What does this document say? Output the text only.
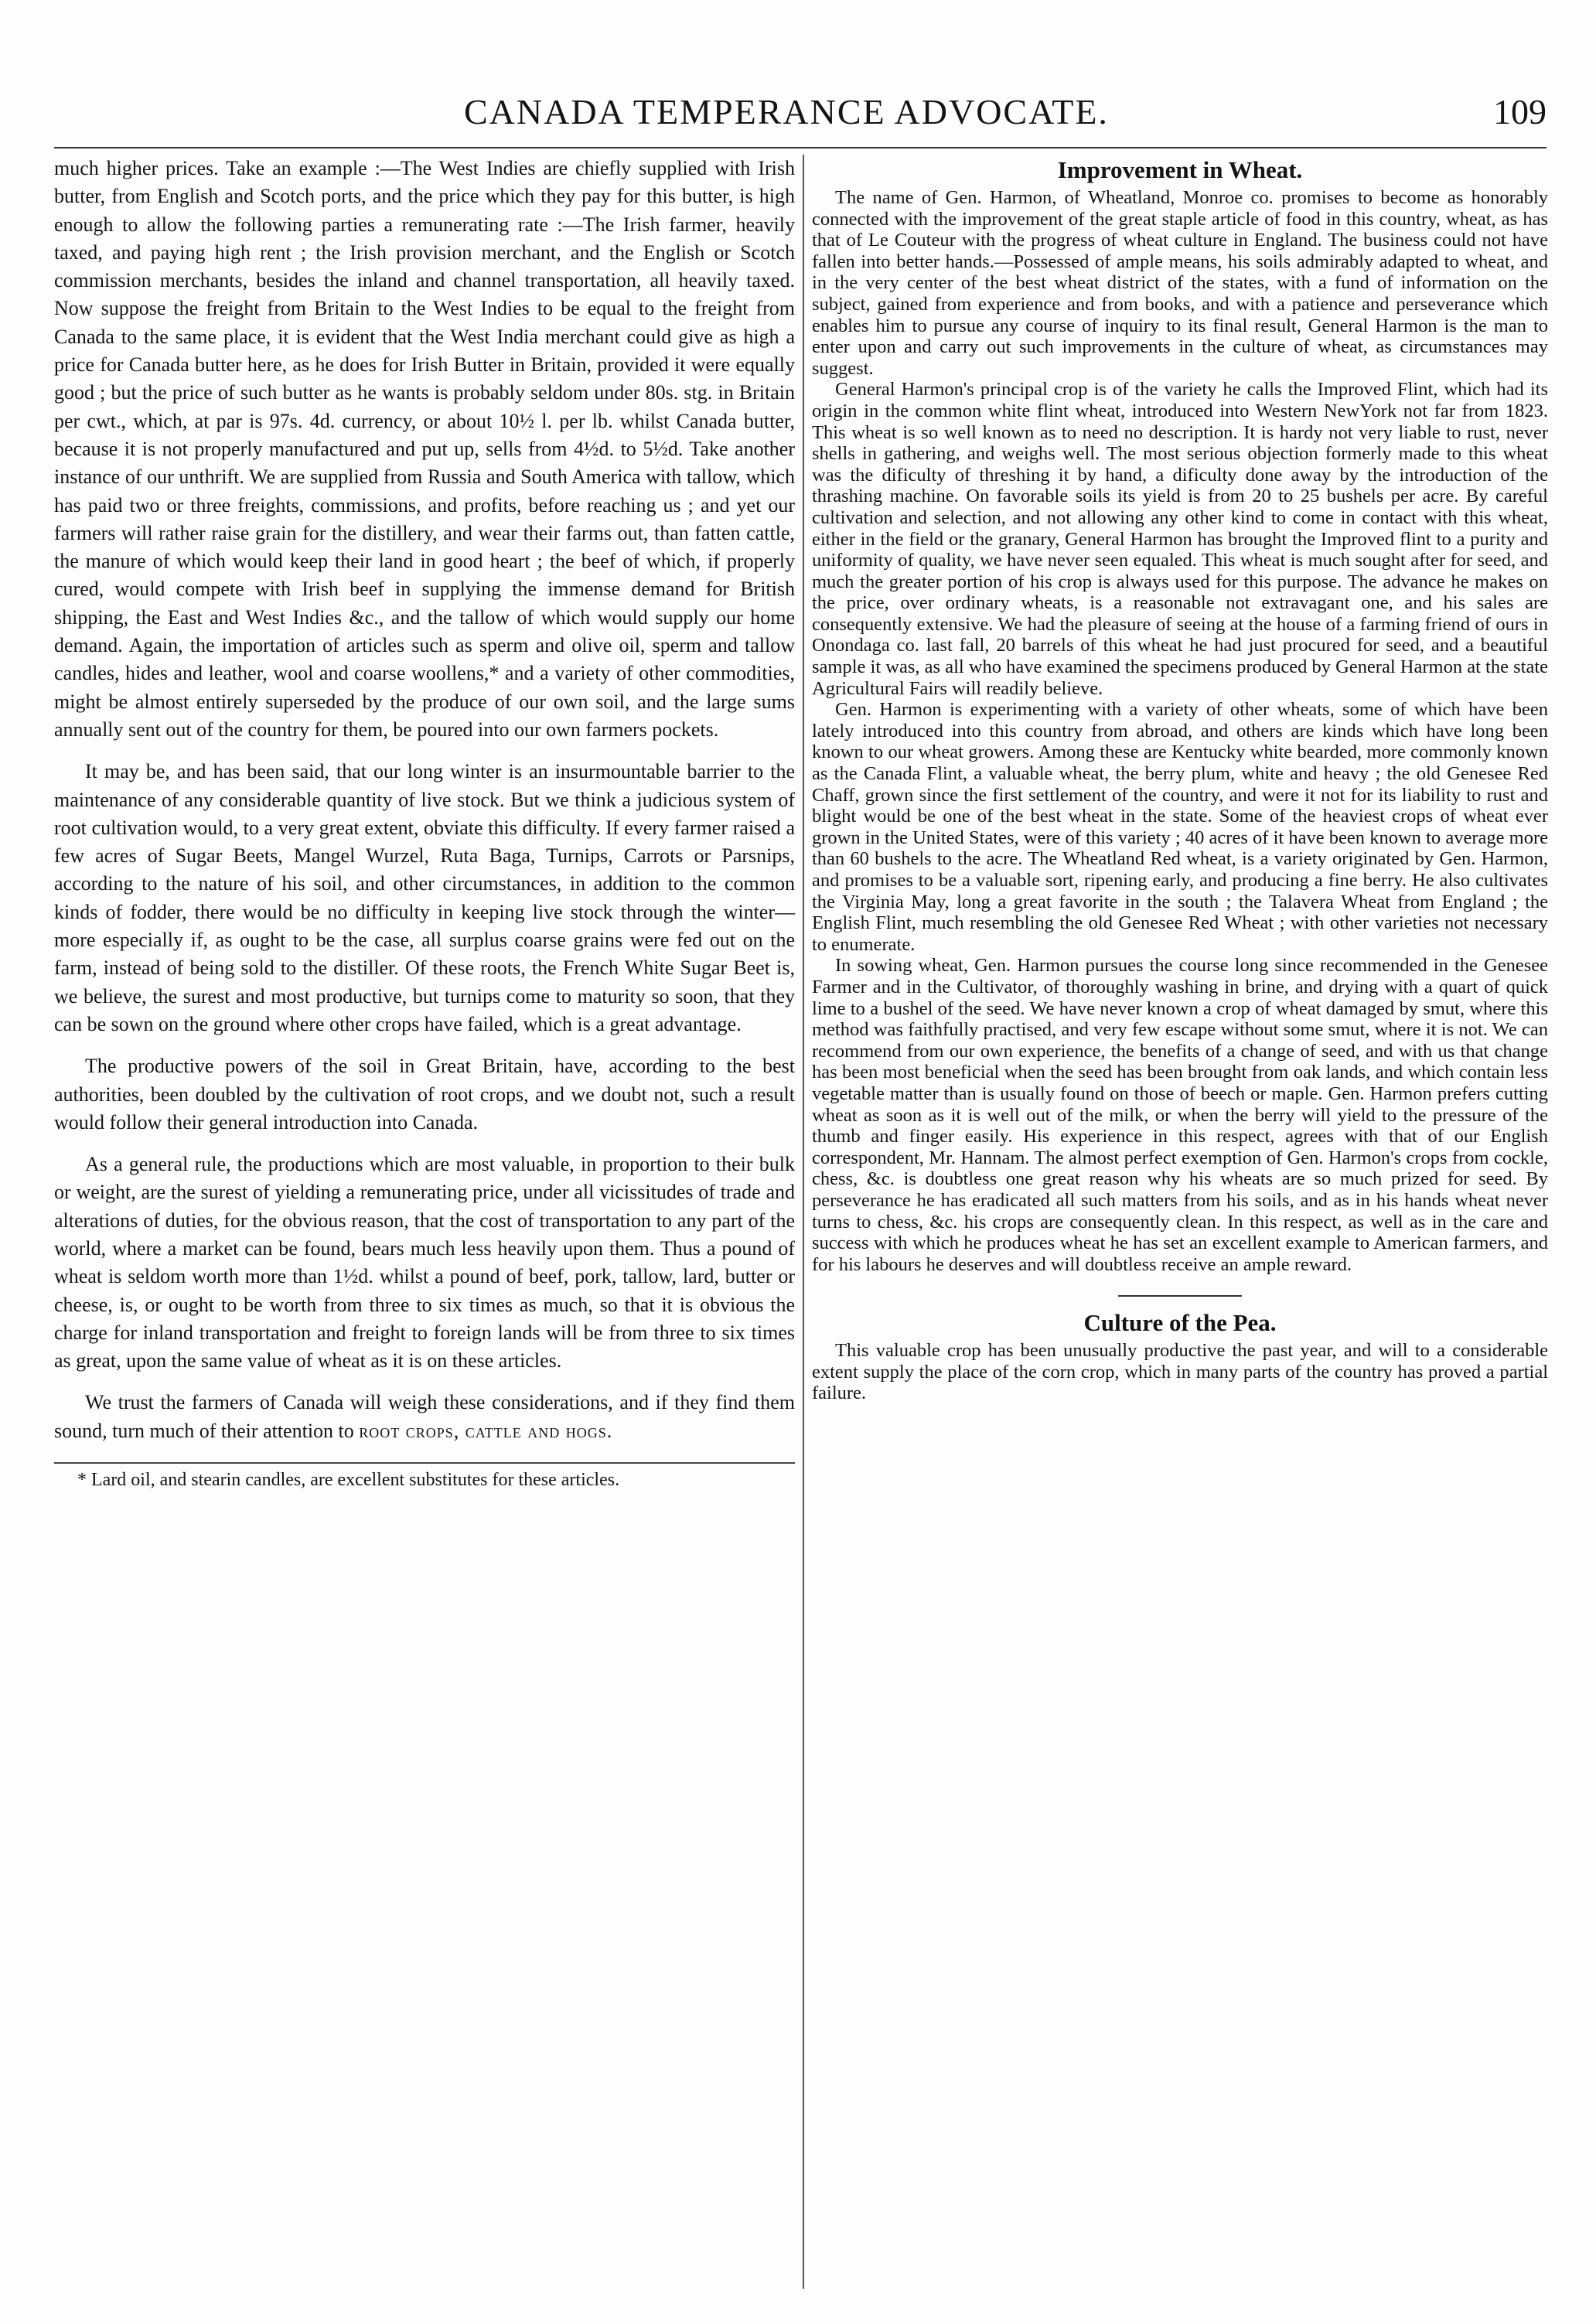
CANADA TEMPERANCE ADVOCATE.	109

much higher prices. Take an example :—The West Indies are chiefly supplied with Irish butter, from English and Scotch ports, and the price which they pay for this butter, is high enough to allow the following parties a remunerating rate :—The Irish farmer, heavily taxed, and paying high rent ; the Irish provision merchant, and the English or Scotch commission merchants, besides the inland and channel transportation, all heavily taxed. Now suppose the freight from Britain to the West Indies to be equal to the freight from Canada to the same place, it is evident that the West India merchant could give as high a price for Canada butter here, as he does for Irish Butter in Britain, provided it were equally good ; but the price of such butter as he wants is probably seldom under 80s. stg. in Britain per cwt., which, at par is 97s. 4d. currency, or about 10½ l. per lb. whilst Canada butter, because it is not properly manufactured and put up, sells from 4½d. to 5½d. Take another instance of our unthrift. We are supplied from Russia and South America with tallow, which has paid two or three freights, commissions, and profits, before reaching us ; and yet our farmers will rather raise grain for the distillery, and wear their farms out, than fatten cattle, the manure of which would keep their land in good heart ; the beef of which, if properly cured, would compete with Irish beef in supplying the immense demand for British shipping, the East and West Indies &c., and the tallow of which would supply our home demand. Again, the importation of articles such as sperm and olive oil, sperm and tallow candles, hides and leather, wool and coarse woollens,* and a variety of other commodities, might be almost entirely superseded by the produce of our own soil, and the large sums annually sent out of the country for them, be poured into our own farmers pockets.

It may be, and has been said, that our long winter is an insurmountable barrier to the maintenance of any considerable quantity of live stock. But we think a judicious system of root cultivation would, to a very great extent, obviate this difficulty. If every farmer raised a few acres of Sugar Beets, Mangel Wurzel, Ruta Baga, Turnips, Carrots or Parsnips, according to the nature of his soil, and other circumstances, in addition to the common kinds of fodder, there would be no difficulty in keeping live stock through the winter—more especially if, as ought to be the case, all surplus coarse grains were fed out on the farm, instead of being sold to the distiller. Of these roots, the French White Sugar Beet is, we believe, the surest and most productive, but turnips come to maturity so soon, that they can be sown on the ground where other crops have failed, which is a great advantage.

The productive powers of the soil in Great Britain, have, according to the best authorities, been doubled by the cultivation of root crops, and we doubt not, such a result would follow their general introduction into Canada.

As a general rule, the productions which are most valuable, in proportion to their bulk or weight, are the surest of yielding a remunerating price, under all vicissitudes of trade and alterations of duties, for the obvious reason, that the cost of transportation to any part of the world, where a market can be found, bears much less heavily upon them. Thus a pound of wheat is seldom worth more than 1½d. whilst a pound of beef, pork, tallow, lard, butter or cheese, is, or ought to be worth from three to six times as much, so that it is obvious the charge for inland transportation and freight to foreign lands will be from three to six times as great, upon the same value of wheat as it is on these articles.

We trust the farmers of Canada will weigh these considerations, and if they find them sound, turn much of their attention to root crops, cattle and hogs.

* Lard oil, and stearin candles, are excellent substitutes for these articles.

Improvement in Wheat.

The name of Gen. Harmon, of Wheatland, Monroe co. promises to become as honorably connected with the improvement of the great staple article of food in this country, wheat, as has that of Le Couteur with the progress of wheat culture in England. The business could not have fallen into better hands.—Possessed of ample means, his soils admirably adapted to wheat, and in the very center of the best wheat district of the states, with a fund of information on the subject, gained from experience and from books, and with a patience and perseverance which enables him to pursue any course of inquiry to its final result, General Harmon is the man to enter upon and carry out such improvements in the culture of wheat, as circumstances may suggest.

General Harmon's principal crop is of the variety he calls the Improved Flint, which had its origin in the common white flint wheat, introduced into Western NewYork not far from 1823. This wheat is so well known as to need no description. It is hardy not very liable to rust, never shells in gathering, and weighs well. The most serious objection formerly made to this wheat was the dificulty of threshing it by hand, a dificulty done away by the introduction of the thrashing machine. On favorable soils its yield is from 20 to 25 bushels per acre. By careful cultivation and selection, and not allowing any other kind to come in contact with this wheat, either in the field or the granary, General Harmon has brought the Improved flint to a purity and uniformity of quality, we have never seen equaled. This wheat is much sought after for seed, and much the greater portion of his crop is always used for this purpose. The advance he makes on the price, over ordinary wheats, is a reasonable not extravagant one, and his sales are consequently extensive. We had the pleasure of seeing at the house of a farming friend of ours in Onondaga co. last fall, 20 barrels of this wheat he had just procured for seed, and a beautiful sample it was, as all who have examined the specimens produced by General Harmon at the state Agricultural Fairs will readily believe.

Gen. Harmon is experimenting with a variety of other wheats, some of which have been lately introduced into this country from abroad, and others are kinds which have long been known to our wheat growers. Among these are Kentucky white bearded, more commonly known as the Canada Flint, a valuable wheat, the berry plum, white and heavy ; the old Genesee Red Chaff, grown since the first settlement of the country, and were it not for its liability to rust and blight would be one of the best wheat in the state. Some of the heaviest crops of wheat ever grown in the United States, were of this variety ; 40 acres of it have been known to average more than 60 bushels to the acre. The Wheatland Red wheat, is a variety originated by Gen. Harmon, and promises to be a valuable sort, ripening early, and producing a fine berry. He also cultivates the Virginia May, long a great favorite in the south ; the Talavera Wheat from England ; the English Flint, much resembling the old Genesee Red Wheat ; with other varieties not necessary to enumerate.

In sowing wheat, Gen. Harmon pursues the course long since recommended in the Genesee Farmer and in the Cultivator, of thoroughly washing in brine, and drying with a quart of quick lime to a bushel of the seed. We have never known a crop of wheat damaged by smut, where this method was faithfully practised, and very few escape without some smut, where it is not. We can recommend from our own experience, the benefits of a change of seed, and with us that change has been most beneficial when the seed has been brought from oak lands, and which contain less vegetable matter than is usually found on those of beech or maple. Gen. Harmon prefers cutting wheat as soon as it is well out of the milk, or when the berry will yield to the pressure of the thumb and finger easily. His experience in this respect, agrees with that of our English correspondent, Mr. Hannam. The almost perfect exemption of Gen. Harmon's crops from cockle, chess, &c. is doubtless one great reason why his wheats are so much prized for seed. By perseverance he has eradicated all such matters from his soils, and as in his hands wheat never turns to chess, &c. his crops are consequently clean. In this respect, as well as in the care and success with which he produces wheat he has set an excellent example to American farmers, and for his labours he deserves and will doubtless receive an ample reward.

Culture of the Pea.

This valuable crop has been unusually productive the past year, and will to a considerable extent supply the place of the corn crop, which in many parts of the country has proved a partial failure.
